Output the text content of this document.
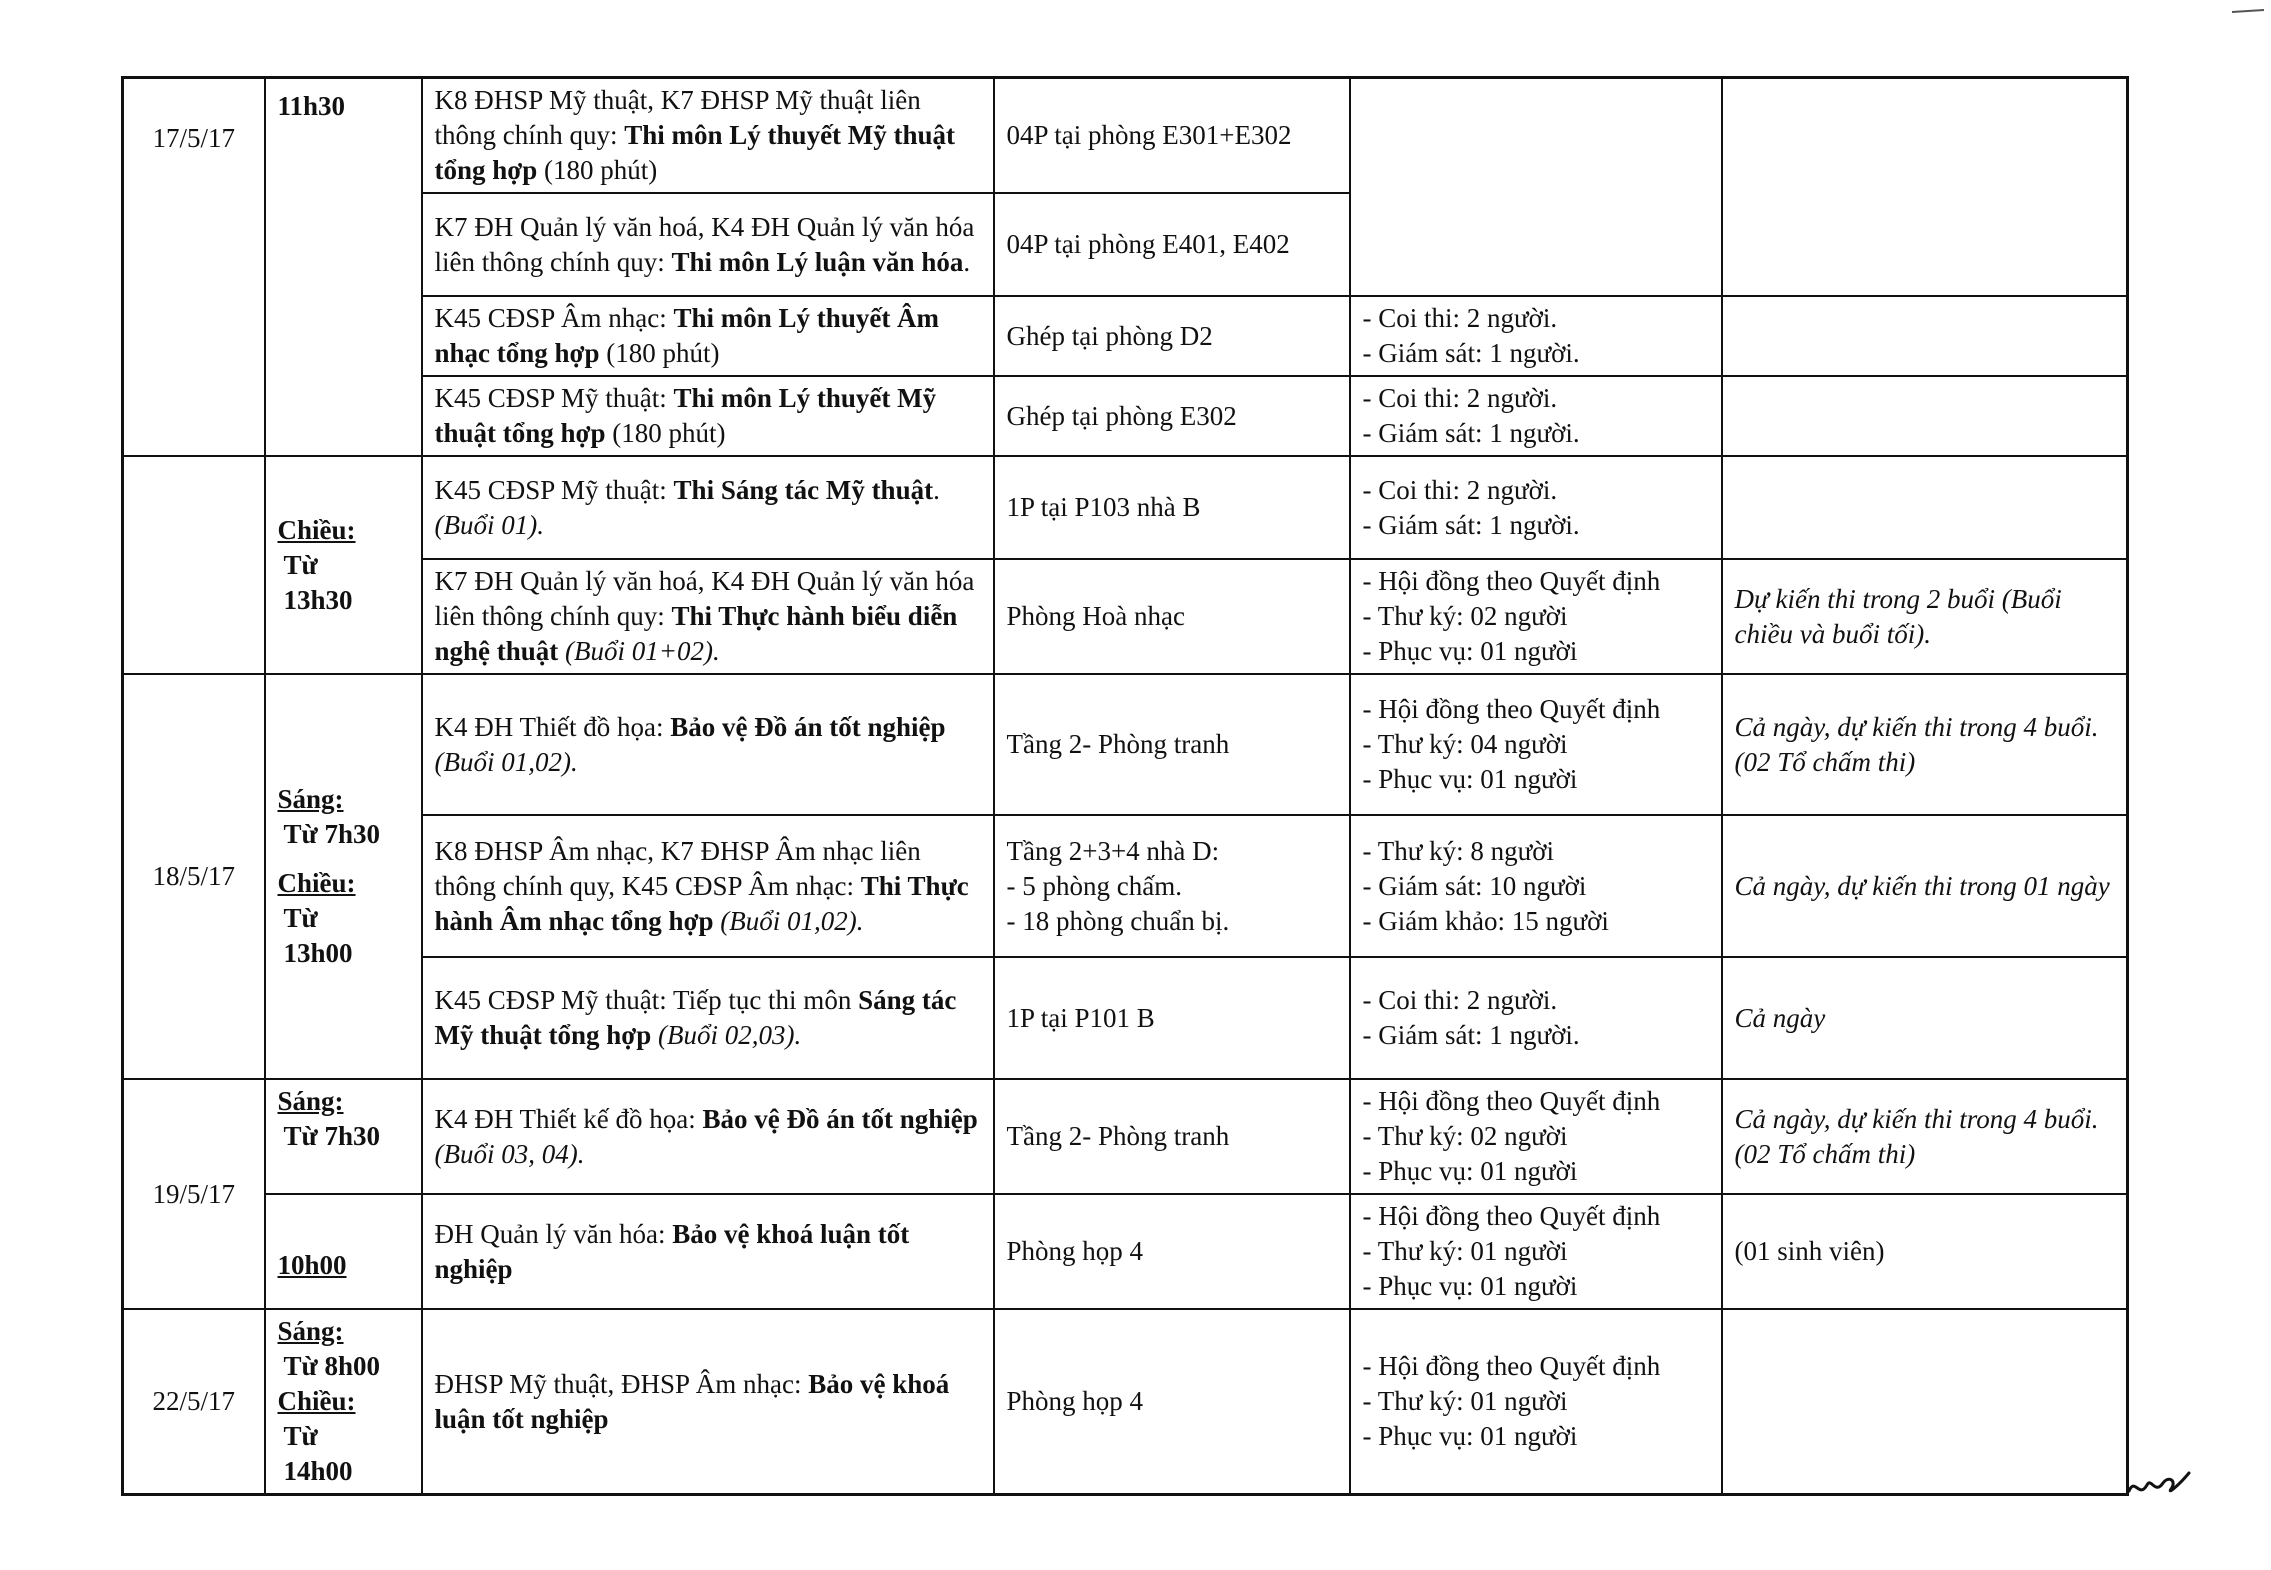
17/5/17	11h30	K8 ĐHSP Mỹ thuật, K7 ĐHSP Mỹ thuật liên thông chính quy: Thi môn Lý thuyết Mỹ thuật tổng hợp (180 phút)	04P tại phòng E301+E302		
		K7 ĐH Quản lý văn hoá, K4 ĐH Quản lý văn hóa liên thông chính quy: Thi môn Lý luận văn hóa.	04P tại phòng E401, E402		
		K45 CĐSP Âm nhạc: Thi môn Lý thuyết Âm nhạc tổng hợp (180 phút)	Ghép tại phòng D2	- Coi thi: 2 người.
- Giám sát: 1 người.	

		K45 CĐSP Mỹ thuật: Thi môn Lý thuyết Mỹ thuật tổng hợp (180 phút)	Ghép tại phòng E302	- Coi thi: 2 người.
- Giám sát: 1 người.	

	Chiều:
Từ
13h30	K45 CĐSP Mỹ thuật: Thi Sáng tác Mỹ thuật. (Buổi 01).	1P tại P103 nhà B	- Coi thi: 2 người.
- Giám sát: 1 người.	

		K7 ĐH Quản lý văn hoá, K4 ĐH Quản lý văn hóa liên thông chính quy: Thi Thực hành biểu diễn nghệ thuật (Buổi 01+02).	Phòng Hoà nhạc	- Hội đồng theo Quyết định
- Thư ký: 02 người
- Phục vụ: 01 người	Dự kiến thi trong 2 buổi (Buổi chiều và buổi tối).
18/5/17	Sáng:
Từ 7h30
Chiều:
Từ
13h00	K4 ĐH Thiết đồ họa: Bảo vệ Đồ án tốt nghiệp (Buổi 01,02).	Tầng 2- Phòng tranh	- Hội đồng theo Quyết định
- Thư ký: 04 người
- Phục vụ: 01 người	Cả ngày, dự kiến thi trong 4 buổi. (02 Tổ chấm thi)
		K8 ĐHSP Âm nhạc, K7 ĐHSP Âm nhạc liên thông chính quy, K45 CĐSP Âm nhạc: Thi Thực hành Âm nhạc tổng hợp (Buổi 01,02).	Tầng 2+3+4 nhà D:
- 5 phòng chấm.
- 18 phòng chuẩn bị.	- Thư ký: 8 người
- Giám sát: 10 người
- Giám khảo: 15 người	Cả ngày, dự kiến thi trong 01 ngày
		K45 CĐSP Mỹ thuật: Tiếp tục thi môn Sáng tác Mỹ thuật tổng hợp (Buổi 02,03).	1P tại P101 B	- Coi thi: 2 người.
- Giám sát: 1 người.	Cả ngày
19/5/17	Sáng:
Từ 7h30	K4 ĐH Thiết kế đồ họa: Bảo vệ Đồ án tốt nghiệp (Buổi 03, 04).	Tầng 2- Phòng tranh	- Hội đồng theo Quyết định
- Thư ký: 02 người
- Phục vụ: 01 người	Cả ngày, dự kiến thi trong 4 buổi. (02 Tổ chấm thi)

	10h00	ĐH Quản lý văn hóa: Bảo vệ khoá luận tốt nghiệp	Phòng họp 4	- Hội đồng theo Quyết định
- Thư ký: 01 người
- Phục vụ: 01 người	(01 sinh viên)
22/5/17	Sáng:
Từ 8h00
Chiều:
Từ
14h00	ĐHSP Mỹ thuật, ĐHSP Âm nhạc: Bảo vệ khoá luận tốt nghiệp	Phòng họp 4	- Hội đồng theo Quyết định
- Thư ký: 01 người
- Phục vụ: 01 người	
